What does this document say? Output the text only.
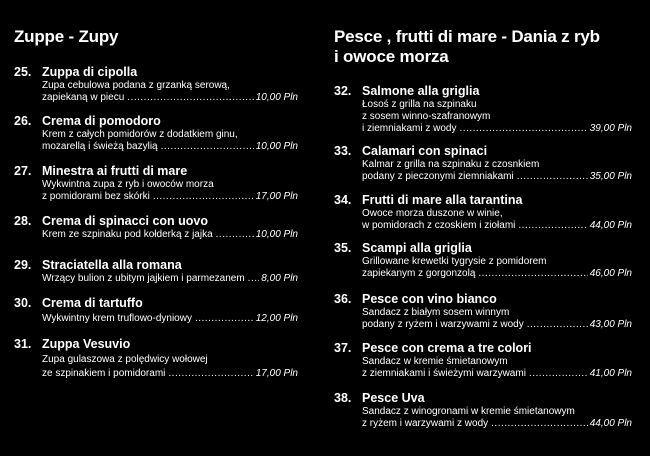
Zuppe - Zupy
25. Zuppa di cipolla
Zupa cebulowa podana z grzanką serową,
zapiekaną w piecu .....	10,00 Pln
26. Crema di pomodoro
Krem z całych pomidorów z dodatkiem ginu,
mozarellą i świeżą bazylią .....	10,00 Pln
27. Minestra ai frutti di mare
Wykwintna zupa z ryb i owoców morza
z pomidorami bez skórki .....	17,00 Pln
28. Crema di spinacci con uovo
Krem ze szpinaku pod kołderką z jajka .....	10,00 Pln
29. Straciatella alla romana
Wrzący bulion z ubitym jajkiem i parmezanem ..... 8,00 Pln
30. Crema di tartuffo
Wykwintny krem truflowo-dyniowy .....	12,00 Pln
31. Zuppa Vesuvio
Zupa gulaszowa z polędwicy wołowej
ze szpinakiem i pomidorami .....	17,00 Pln
Pesce , frutti di mare - Dania z ryb
i owoce morza
32. Salmone alla griglia
Łosoś z grilla na szpinaku
z sosem winno-szafranowym
i ziemniakami z wody .....	39,00 Pln
33. Calamari con spinaci
Kalmar z grilla na szpinaku z czosnkiem
podany z pieczonymi ziemniakami .....	35,00 Pln
34. Frutti di mare alla tarantina
Owoce morza duszone w winie,
w pomidorach z czoskiem i ziołami .....	44,00 Pln
35. Scampi alla griglia
Grillowane krewetki tygrysie z pomidorem
zapiekanym z gorgonzolą .....	46,00 Pln
36. Pesce con vino bianco
Sandacz z białym sosem winnym
podany z ryżem i warzywami z wody .....	43,00 Pln
37. Pesce con crema a tre colori
Sandacz w kremie śmietanowym
z ziemniakami i świeżymi warzywami .....	41,00 Pln
38. Pesce Uva
Sandacz z winogronami w kremie śmietanowym
z ryżem i warzywami z wody .....	44,00 Pln
